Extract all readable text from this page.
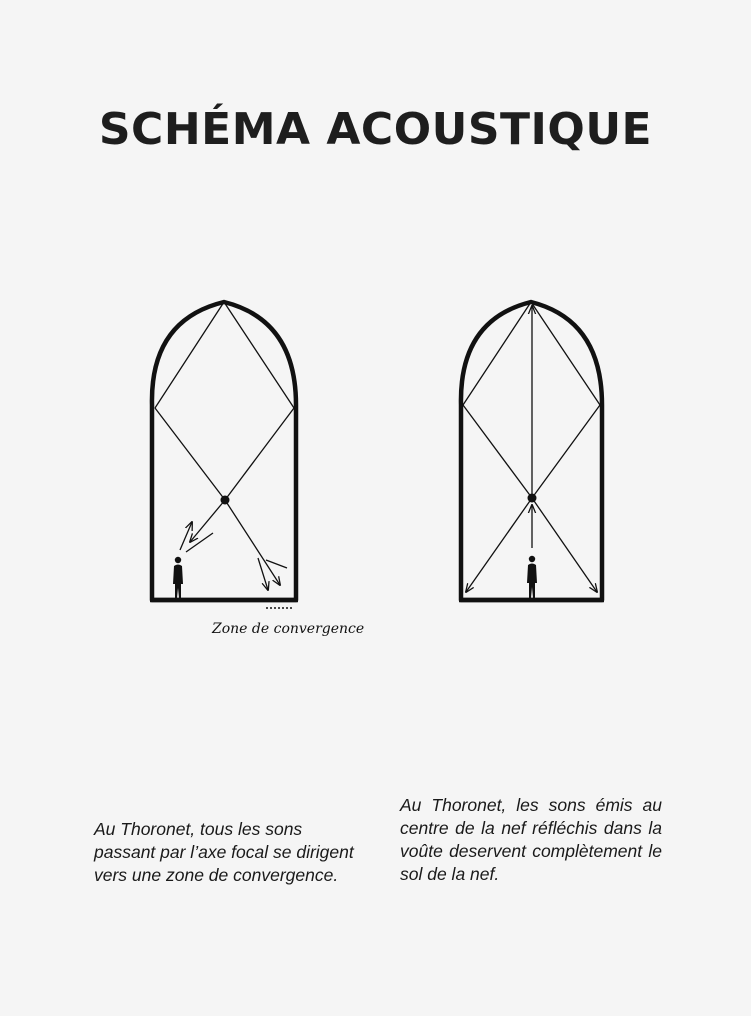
SCHÉMA ACOUSTIQUE
Zone de convergence
Au Thoronet, tous les sons passant par l’axe focal se dirigent vers une zone de convergence.
Au Thoronet, les sons émis au centre de la nef réfléchis dans la voûte deservent complètement le sol de la nef.
